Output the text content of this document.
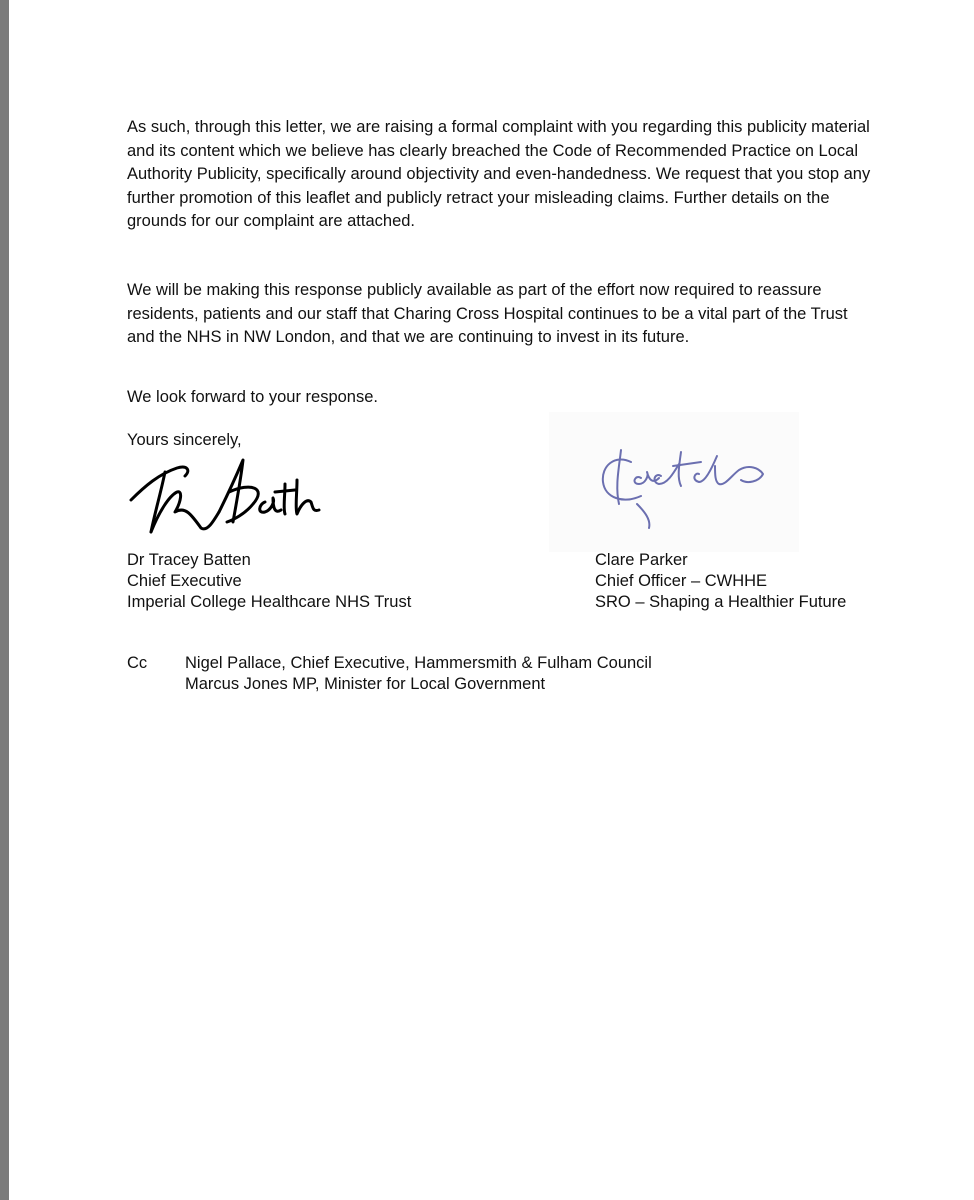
As such, through this letter, we are raising a formal complaint with you regarding this publicity material and its content which we believe has clearly breached the Code of Recommended Practice on Local Authority Publicity, specifically around objectivity and even-handedness. We request that you stop any further promotion of this leaflet and publicly retract your misleading claims. Further details on the grounds for our complaint are attached.

We will be making this response publicly available as part of the effort now required to reassure residents, patients and our staff that Charing Cross Hospital continues to be a vital part of the Trust and the NHS in NW London, and that we are continuing to invest in its future.

We look forward to your response.

Yours sincerely,

Dr Tracey Batten
Chief Executive
Imperial College Healthcare NHS Trust
Clare Parker
Chief Officer – CWHHE
SRO – Shaping a Healthier Future
Cc Nigel Pallace, Chief Executive, Hammersmith & Fulham Council
Marcus Jones MP, Minister for Local Government
